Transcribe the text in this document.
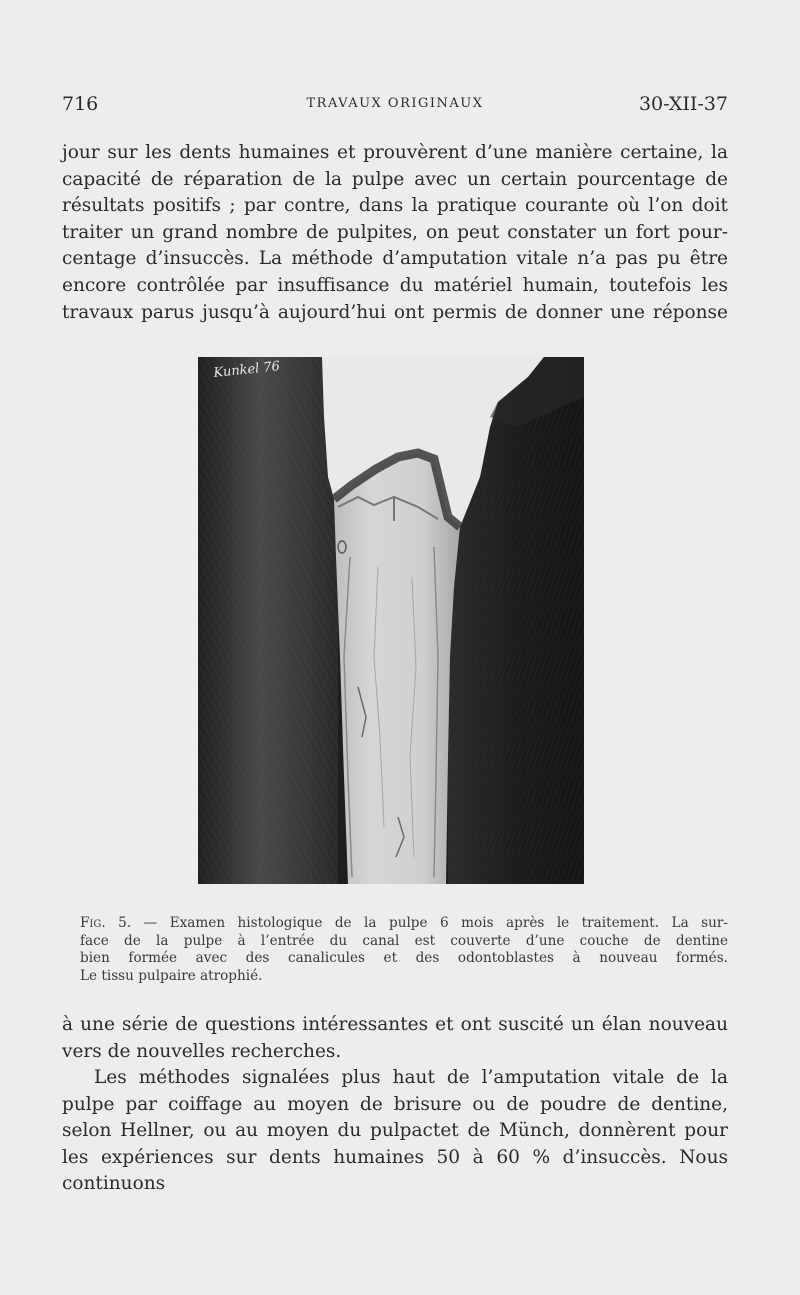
716	TRAVAUX ORIGINAUX	30-XII-37

jour sur les dents humaines et prouvèrent d’une manière certaine, la capacité de réparation de la pulpe avec un certain pourcentage de résultats positifs ; par contre, dans la pratique courante où l’on doit traiter un grand nombre de pulpites, on peut constater un fort pour- centage d’insuccès. La méthode d’amputation vitale n’a pas pu être encore contrôlée par insuffisance du matériel humain, toutefois les travaux parus jusqu’à aujourd’hui ont permis de donner une réponse

Kunkel 76
Fig. 5. — Examen histologique de la pulpe 6 mois après le traitement. La sur-
face de la pulpe à l’entrée du canal est couverte d’une couche de dentine
bien formée avec des canalicules et des odontoblastes à nouveau formés.
Le tissu pulpaire atrophié.

à une série de questions intéressantes et ont suscité un élan nouveau vers de nouvelles recherches.

Les méthodes signalées plus haut de l’amputation vitale de la pulpe par coiffage au moyen de brisure ou de poudre de dentine, selon Hellner, ou au moyen du pulpactet de Münch, donnèrent pour les expériences sur dents humaines 50 à 60 % d’insuccès. Nous continuons
